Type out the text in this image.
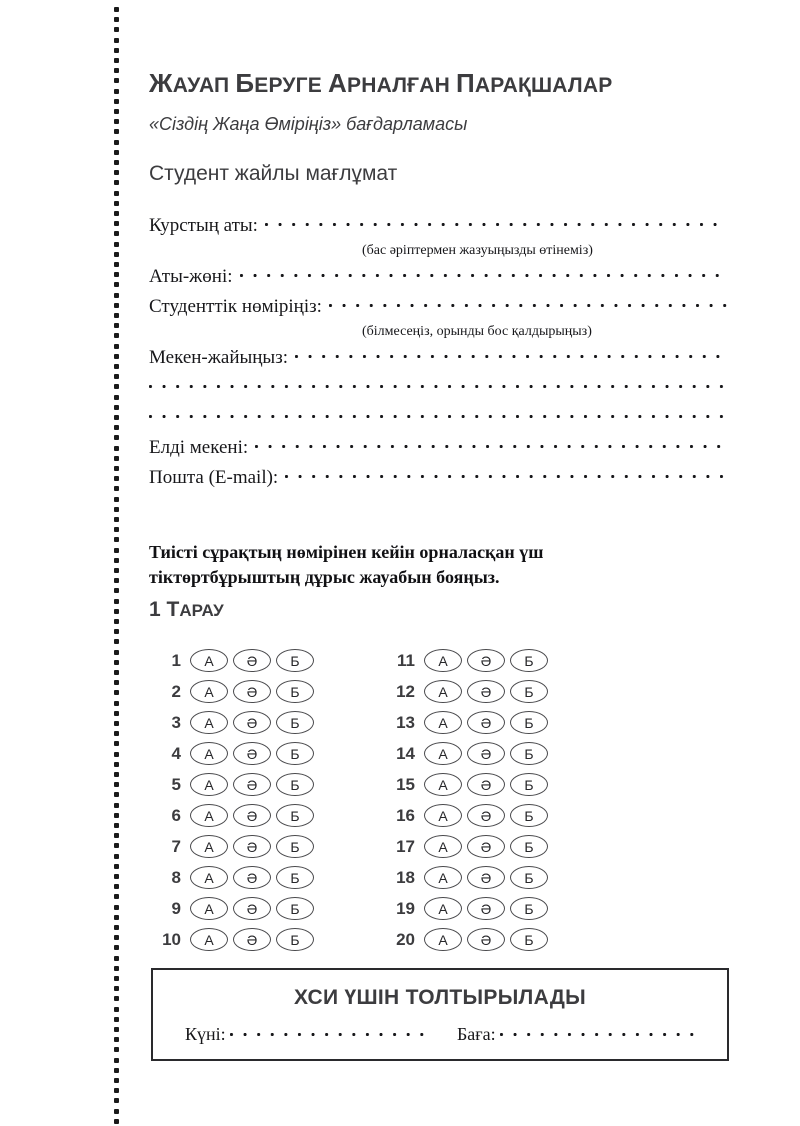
ЖАУАП БЕРУГЕ АРНАЛҒАН ПАРАҚШАЛАР
«Сіздің Жаңа Өміріңіз» бағдарламасы
Студент жайлы мағлұмат
Курстың аты:
(бас әріптермен жазуыңызды өтінеміз)
Аты-жөні:
Студенттік нөміріңіз:
(білмесеңіз, орынды бос қалдырыңыз)
Мекен-жайыңыз:
Елді мекені:
Пошта (E-mail):
Тиісті сұрақтың нөмірінен кейін орналасқан үш тіктөртбұрыштың дұрыс жауабын бояңыз.
1 ТАРАУ
1	А	Ә	Б
2	А	Ә	Б
3	А	Ә	Б
4	А	Ә	Б
5	А	Ә	Б
6	А	Ә	Б
7	А	Ә	Б
8	А	Ә	Б
9	А	Ә	Б
10	А	Ә	Б
11	А	Ә	Б
12	А	Ә	Б
13	А	Ә	Б
14	А	Ә	Б
15	А	Ә	Б
16	А	Ә	Б
17	А	Ә	Б
18	А	Ә	Б
19	А	Ә	Б
20	А	Ә	Б
ХСИ ҮШІН ТОЛТЫРЫЛАДЫ
Күні:	Баға:
